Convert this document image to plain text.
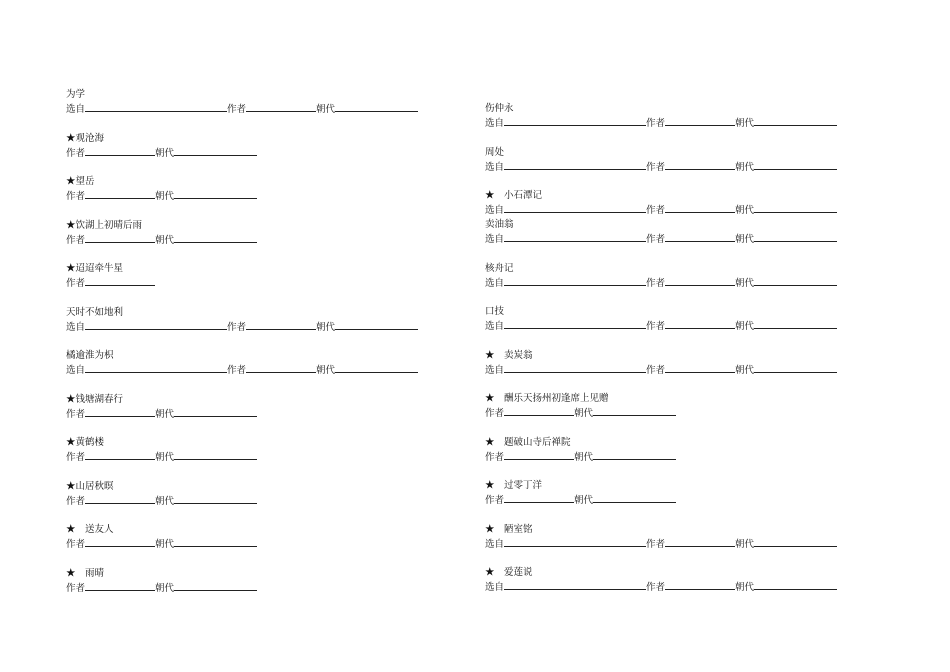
为学
选自	作者	朝代
★观沧海
作者	朝代
★望岳
作者	朝代
★饮湖上初晴后雨
作者	朝代
★迢迢牵牛星
作者
天时不如地利
选自	作者	朝代
橘逾淮为枳
选自	作者	朝代
★钱塘湖春行
作者	朝代
★黄鹤楼
作者	朝代
★山居秋暝
作者	朝代
★ 送友人
作者	朝代
★ 雨晴
作者	朝代
伤仲永
选自	作者	朝代
周处
选自	作者	朝代
★ 小石潭记
选自	作者	朝代
卖油翁
选自	作者	朝代
核舟记
选自	作者	朝代
口技
选自	作者	朝代
★ 卖炭翁
选自	作者	朝代
★ 酬乐天扬州初逢席上见赠
作者	朝代
★ 题破山寺后禅院
作者	朝代
★ 过零丁洋
作者	朝代
★ 陋室铭
选自	作者	朝代
★ 爱莲说
选自	作者	朝代
